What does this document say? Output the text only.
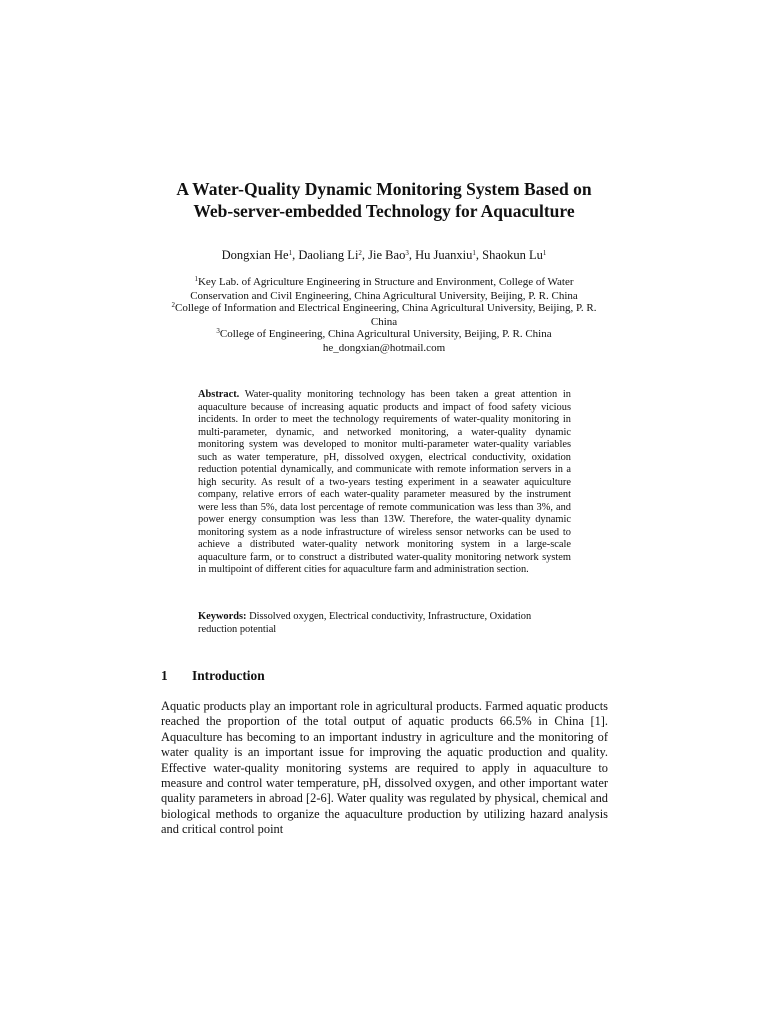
A Water-Quality Dynamic Monitoring System Based on
Web-server-embedded Technology for Aquaculture
Dongxian He$^1$, Daoliang Li$^2$, Jie Bao$^3$, Hu Juanxiu$^1$, Shaokun Lu$^1$
$^1$Key Lab. of Agriculture Engineering in Structure and Environment, College of Water
Conservation and Civil Engineering, China Agricultural University, Beijing, P. R. China
$^2$College of Information and Electrical Engineering, China Agricultural University, Beijing, P. R.
China
$^3$College of Engineering, China Agricultural University, Beijing, P. R. China
he_dongxian@hotmail.com

Abstract. Water-quality monitoring technology has been taken a great attention in aquaculture because of increasing aquatic products and impact of food safety vicious incidents. In order to meet the technology requirements of water-quality monitoring in multi-parameter, dynamic, and networked monitoring, a water-quality dynamic monitoring system was developed to monitor multi-parameter water-quality variables such as water temperature, pH, dissolved oxygen, electrical conductivity, oxidation reduction potential dynamically, and communicate with remote information servers in a high security. As result of a two-years testing experiment in a seawater aquiculture company, relative errors of each water-quality parameter measured by the instrument were less than 5%, data lost percentage of remote communication was less than 3%, and power energy consumption was less than 13W. Therefore, the water-quality dynamic monitoring system as a node infrastructure of wireless sensor networks can be used to achieve a distributed water-quality network monitoring system in a large-scale aquaculture farm, or to construct a distributed water-quality monitoring network system in multipoint of different cities for aquaculture farm and administration section.

Keywords: Dissolved oxygen, Electrical conductivity, Infrastructure, Oxidation reduction potential

1 Introduction

Aquatic products play an important role in agricultural products. Farmed aquatic products reached the proportion of the total output of aquatic products 66.5% in China [1]. Aquaculture has becoming to an important industry in agriculture and the monitoring of water quality is an important issue for improving the aquatic production and quality. Effective water-quality monitoring systems are required to apply in aquaculture to measure and control water temperature, pH, dissolved oxygen, and other important water quality parameters in abroad [2-6]. Water quality was regulated by physical, chemical and biological methods to organize the aquaculture production by utilizing hazard analysis and critical control point
